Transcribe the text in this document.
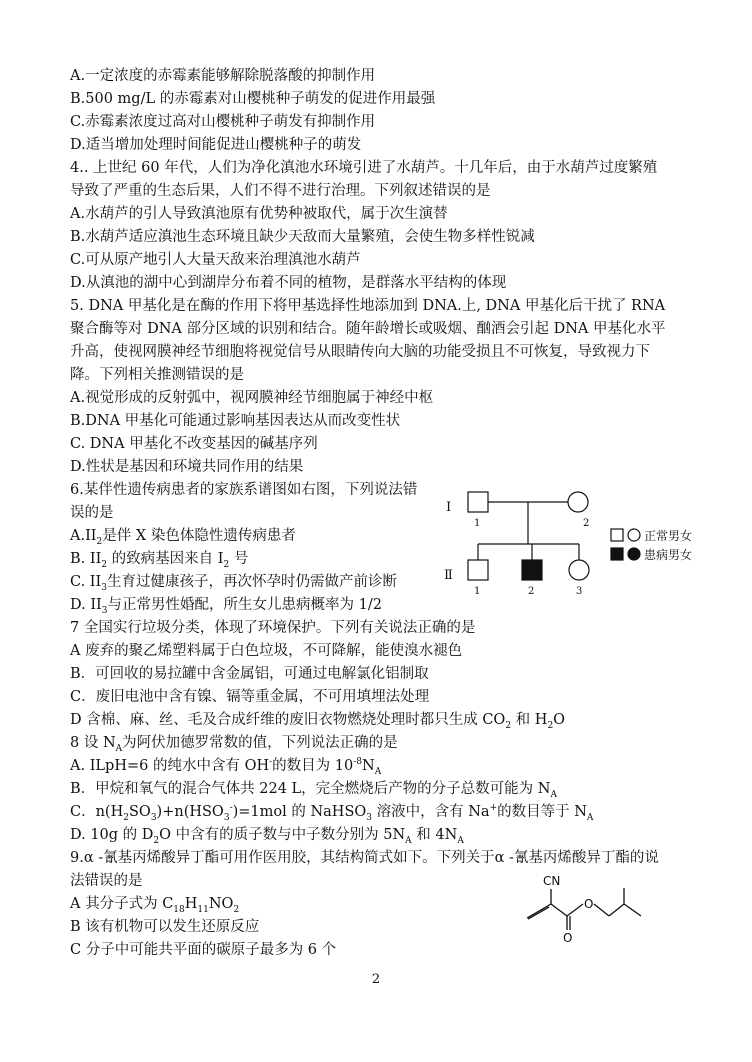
A.一定浓度的赤霉素能够解除脱落酸的抑制作用
B.500 mg/L 的赤霉素对山樱桃种子萌发的促进作用最强
C.赤霉素浓度过高对山樱桃种子萌发有抑制作用
D.适当增加处理时间能促进山樱桃种子的萌发
4.. 上世纪 60 年代，人们为净化滇池水环境引进了水葫芦。十几年后，由于水葫芦过度繁殖
导致了严重的生态后果，人们不得不进行治理。下列叙述错误的是
A.水葫芦的引人导致滇池原有优势种被取代，属于次生演替
B.水葫芦适应滇池生态环境且缺少天敌而大量繁殖，会使生物多样性锐减
C.可从原产地引人大量天敌来治理滇池水葫芦
D.从滇池的湖中心到湖岸分布着不同的植物，是群落水平结构的体现
5. DNA 甲基化是在酶的作用下将甲基选择性地添加到 DNA.上, DNA 甲基化后干扰了 RNA
聚合酶等对 DNA 部分区域的识别和结合。随年龄增长或吸烟、酗酒会引起 DNA 甲基化水平
升高，使视网膜神经节细胞将视觉信号从眼睛传向大脑的功能受损且不可恢复，导致视力下
降。下列相关推测错误的是
A.视觉形成的反射弧中，视网膜神经节细胞属于神经中枢
B.DNA 甲基化可能通过影响基因表达从而改变性状
C. DNA 甲基化不改变基因的碱基序列
D.性状是基因和环境共同作用的结果
6.某伴性遗传病患者的家族系谱图如右图，下列说法错
误的是
$A.II_2$是伴 X 染色体隐性遗传病患者
B. $II_2$ 的致病基因来自 $I_2$ 号
C. $II_3$生育过健康孩子，再次怀孕时仍需做产前诊断
D. $II_3$与正常男性婚配，所生女儿患病概率为 1/2
I
1	2
Ⅱ
1	2	3
正常男女
患病男女
7 全国实行垃圾分类，体现了环境保护。下列有关说法正确的是
A 废弃的聚乙烯塑料属于白色垃圾，不可降解，能使溴水褪色
B．可回收的易拉罐中含金属铝，可通过电解氯化铝制取
C．废旧电池中含有镍、镉等重金属，不可用填埋法处理
D 含棉、麻、丝、毛及合成纤维的废旧衣物燃烧处理时都只生成 $CO_2$ 和 $H_2O$
8 设 $N_A$为阿伏加德罗常数的值，下列说法正确的是
A. ILpH=6 的纯水中含有 OH-的数目为 $10^{-8}N_A$
B．甲烷和氧气的混合气体共 224 L，完全燃烧后产物的分子总数可能为 $N_A$
C．$n(H_2SO_3)+n(HSO_3^-)=1mol$ 的 NaHSO$_3$ 溶液中，含有 Na+的数目等于 $N_A$
D. 10g 的 $D_2O$ 中含有的质子数与中子数分别为 $5N_A$ 和 $4N_A$
9.α -氰基丙烯酸异丁酯可用作医用胶，其结构简式如下。下列关于α -氰基丙烯酸异丁酯的说
法错误的是
A 其分子式为 $C_{18}H_{11}NO_2$
B 该有机物可以发生还原反应
C 分子中可能共平面的碳原子最多为 6 个
CN
O
O
2
